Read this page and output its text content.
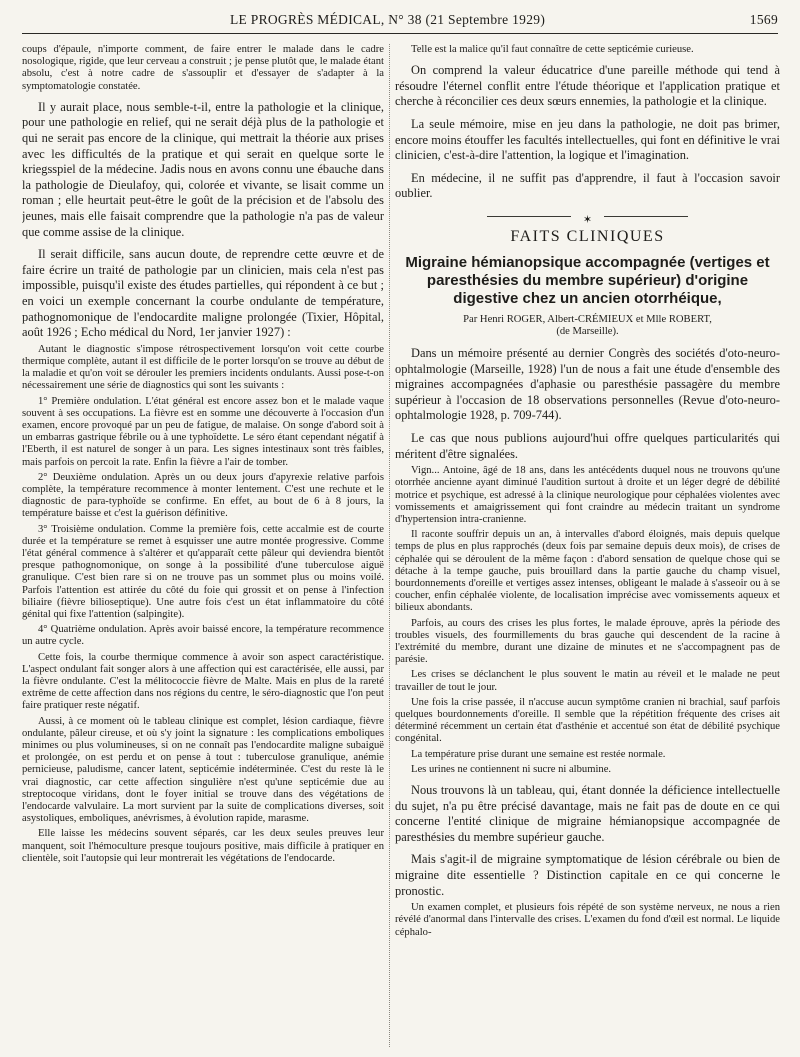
LE PROGRÈS MÉDICAL, N° 38 (21 Septembre 1929)	1569

coups d'épaule, n'importe comment, de faire entrer le malade dans le cadre nosologique, rigide, que leur cerveau a construit ; je pense plutôt que, le malade étant absolu, c'est à notre cadre de s'assouplir et d'essayer de s'adapter à la symptomatologie constatée.

Il y aurait place, nous semble-t-il, entre la pathologie et la clinique, pour une pathologie en relief, qui ne serait déjà plus de la pathologie et qui ne serait pas encore de la clinique, qui mettrait la théorie aux prises avec les difficultés de la pratique et qui serait en quelque sorte le kriegsspiel de la médecine. Jadis nous en avons connu une ébauche dans la pathologie de Dieulafoy, qui, colorée et vivante, se lisait comme un roman ; elle heurtait peut-être le goût de la précision et de l'absolu des jeunes, mais elle faisait comprendre que la pathologie n'a pas de valeur que comme assise de la clinique.

Il serait difficile, sans aucun doute, de reprendre cette œuvre et de faire écrire un traité de pathologie par un clinicien, mais cela n'est pas impossible, puisqu'il existe des études partielles, qui répondent à ce but ; en voici un exemple concernant la courbe ondulante de température, pathognomonique de l'endocardite maligne prolongée (Tixier, Hôpital, août 1926 ; Echo médical du Nord, 1er janvier 1927) :

Autant le diagnostic s'impose rétrospectivement lorsqu'on voit cette courbe thermique complète, autant il est difficile de le porter lorsqu'on se trouve au début de la maladie et qu'on voit se dérouler les premiers incidents ondulants. Aussi pose-t-on nécessairement une série de diagnostics qui sont les suivants :

1° Première ondulation. L'état général est encore assez bon et le malade vaque souvent à ses occupations. La fièvre est en somme une découverte à l'occasion d'un examen, encore provoqué par un peu de fatigue, de malaise. On songe d'abord soit à un embarras gastrique fébrile ou à une typhoïdette. Le séro étant cependant négatif à l'Eberth, il est naturel de songer à un para. Les signes intestinaux sont très faibles, mais parfois on percoit la rate. Enfin la fièvre a l'air de tomber.

2° Deuxième ondulation. Après un ou deux jours d'apyrexie relative parfois complète, la température recommence à monter lentement. C'est une rechute et le diagnostic de para-typhoïde se confirme. En effet, au bout de 6 à 8 jours, la température baisse et c'est la guérison définitive.

3° Troisième ondulation. Comme la première fois, cette accalmie est de courte durée et la température se remet à esquisser une autre montée progressive. Comme l'état général commence à s'altérer et qu'apparaît cette pâleur qui deviendra bientôt presque pathognomonique, on songe à la possibilité d'une tuberculose aiguë granulique. C'est bien rare si on ne trouve pas un sommet plus ou moins voilé. Parfois l'attention est attirée du côté du foie qui grossit et on pense à l'infection biliaire (fièvre bilioseptique). Une autre fois c'est un état inflammatoire du côté génital qui fixe l'attention (salpingite).

4° Quatrième ondulation. Après avoir baissé encore, la température recommence un autre cycle.

Cette fois, la courbe thermique commence à avoir son aspect caractéristique. L'aspect ondulant fait songer alors à une affection qui est caractérisée, elle aussi, par la fièvre ondulante. C'est la mélitococcie fièvre de Malte. Mais en plus de la rareté extrême de cette affection dans nos régions du centre, le séro-diagnostic que l'on peut faire pratiquer reste négatif.

Aussi, à ce moment où le tableau clinique est complet, lésion cardiaque, fièvre ondulante, pâleur cireuse, et où s'y joint la signature : les complications emboliques minimes ou plus volumineuses, si on ne connaît pas l'endocardite maligne subaiguë et prolongée, on est perdu et on pense à tout : tuberculose granulique, anémie pernicieuse, paludisme, cancer latent, septicémie indéterminée. C'est du reste là le vrai diagnostic, car cette affection singulière n'est qu'une septicémie due au streptocoque viridans, dont le foyer initial se trouve dans des végétations de l'endocarde valvulaire. La mort survient par la suite de complications diverses, soit asystoliques, emboliques, anévrismes, à évolution rapide, marasme.

Elle laisse les médecins souvent séparés, car les deux seules preuves leur manquent, soit l'hémoculture presque toujours positive, mais difficile à pratiquer en clientèle, soit l'autopsie qui leur montrerait les végétations de l'endocarde.

Telle est la malice qu'il faut connaître de cette septicémie curieuse.

On comprend la valeur éducatrice d'une pareille méthode qui tend à résoudre l'éternel conflit entre l'étude théorique et l'application pratique et cherche à réconcilier ces deux sœurs ennemies, la pathologie et la clinique.

La seule mémoire, mise en jeu dans la pathologie, ne doit pas brimer, encore moins étouffer les facultés intellectuelles, qui font en définitive le vrai clinicien, c'est-à-dire l'attention, la logique et l'imagination.

En médecine, il ne suffit pas d'apprendre, il faut à l'occasion savoir oublier.

✶
FAITS CLINIQUES
Migraine hémianopsique accompagnée (vertiges et paresthésies du membre supérieur) d'origine digestive chez un ancien otorrhéique,
Par Henri ROGER, Albert-CRÉMIEUX et Mlle ROBERT,
(de Marseille).

Dans un mémoire présenté au dernier Congrès des sociétés d'oto-neuro-ophtalmologie (Marseille, 1928) l'un de nous a fait une étude d'ensemble des migraines accompagnées d'aphasie ou paresthésie passagère du membre supérieur à l'occasion de 18 observations personnelles (Revue d'oto-neuro-ophtalmologie 1928, p. 709-744).

Le cas que nous publions aujourd'hui offre quelques particularités qui méritent d'être signalées.

Vign... Antoine, âgé de 18 ans, dans les antécédents duquel nous ne trouvons qu'une otorrhée ancienne ayant diminué l'audition surtout à droite et un léger degré de débilité motrice et psychique, est adressé à la clinique neurologique pour céphalées violentes avec vomissements et amaigrissement qui font craindre au médecin traitant un syndrome d'hypertension intra-cranienne.

Il raconte souffrir depuis un an, à intervalles d'abord éloignés, mais depuis quelque temps de plus en plus rapprochés (deux fois par semaine depuis deux mois), de crises de céphalée qui se déroulent de la même façon : d'abord sensation de quelque chose qui se détache à la tempe gauche, puis brouillard dans la partie gauche du champ visuel, bourdonnements d'oreille et vertiges assez intenses, obligeant le malade à s'asseoir ou à se coucher, enfin céphalée violente, de localisation imprécise avec vomissements aqueux et bilieux abondants.

Parfois, au cours des crises les plus fortes, le malade éprouve, après la période des troubles visuels, des fourmillements du bras gauche qui descendent de la racine à l'extrémité du membre, durant une dizaine de minutes et ne s'accompagnent pas de parésie.

Les crises se déclanchent le plus souvent le matin au réveil et le malade ne peut travailler de tout le jour.

Une fois la crise passée, il n'accuse aucun symptôme cranien ni brachial, sauf parfois quelques bourdonnements d'oreille. Il semble que la répétition fréquente des crises ait déterminé récemment un certain état d'asthénie et accentué son état de débilité psychique congénital.

La température prise durant une semaine est restée normale.

Les urines ne contiennent ni sucre ni albumine.

Nous trouvons là un tableau, qui, étant donnée la déficience intellectuelle du sujet, n'a pu être précisé davantage, mais ne fait pas de doute en ce qui concerne l'entité clinique de migraine hémianopsique accompagnée de paresthésies du membre supérieur gauche.

Mais s'agit-il de migraine symptomatique de lésion cérébrale ou bien de migraine dite essentielle ? Distinction capitale en ce qui concerne le pronostic.

Un examen complet, et plusieurs fois répété de son système nerveux, ne nous a rien révélé d'anormal dans l'intervalle des crises. L'examen du fond d'œil est normal. Le liquide céphalo-
